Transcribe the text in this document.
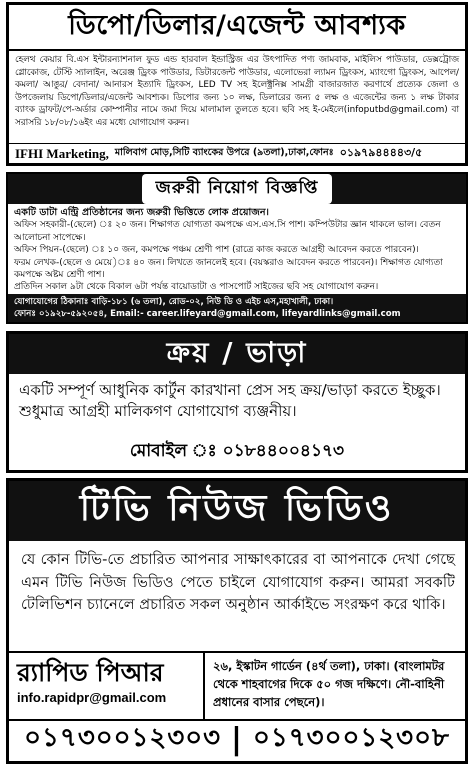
ডিপো/ডিলার/এজেন্ট আবশ্যক
হেলথ কেয়ার বি.এস ইন্টারন্যাশনাল ফুড এন্ড হারবাল ইন্ডাস্ট্রিজ এর উৎপাদিত পণ্য জামবাক, মাইলিস পাউডার, ডেক্সট্রোজ গ্লোকোজ, টেস্টি স্যালাইন, অরেঞ্জ ড্রিংক পাউডার, ডিটারজেন্ট পাউডার, এলোভেরা ল্যামন ড্রিংকস, ম্যাংগো ড্রিংকস, আপেল/ কমলা/ আঙুর/ বেদানা/ আনারস ইত্যাদি ড্রিংকস, LED TV সহ ইলেক্ট্রনিক্স সামগ্রী বাজারজাত করণার্থে প্রত্যেক জেলা ও উপজেলায় ডিপো/ডিলার/এজেন্ট আবশ্যক। ডিপোর জন্য ১০ লক্ষ, ডিলারের জন্য ৫ লক্ষ ও এজেন্টের জন্য ১ লক্ষ টাকার ব্যাংক ড্রাফট/পে-অর্ডার কোম্পানীর নামে জমা দিয়ে মালামাল তুলতে হবে। ছবি সহ ই-মেইলে(infoputbd@gmail.com) বা সরাসরি ১৮/০৮/১৬ইং এর মধ্যে যোগাযোগ করুন।
IFHI Marketing, মালিবাগ মোড়,সিটি ব্যাংকের উপরে (৯তলা),ঢাকা,ফোনঃ ০১৯৭৯৪৪৪৪৩/৫
জরুরী নিয়োগ বিজ্ঞপ্তি
একটি ডাটা এন্ট্রি প্রতিষ্ঠানের জন্য জরুরী ভিত্তিতে লোক প্রয়োজন।
অফিস সহকারী-(ছেলে) ঃ ২০ জন। শিক্ষাগত যোগ্যতা কমপক্ষে এস.এস.সি পাশ। কম্পিউটার জ্ঞান থাকলে ভাল। বেতন আলোচনা সাপেক্ষে।
অফিস পিয়ন-(ছেলে) ঃ ১০ জন, কমপক্ষে পঞ্চম শ্রেণী পাশ (রাত্রে কাজ করতে আগ্রহী আবেদন করতে পারবেন)।
ফরম লেখক-(ছেলে ও মেয়ে)ঃ ৪০ জন। লিখতে জানলেই হবে। (বয়স্করাও আবেদন করতে পারবেন)। শিক্ষাগত যোগ্যতা কমপক্ষে অষ্টম শ্রেণী পাশ।
প্রতিদিন সকাল ৯টা থেকে বিকাল ৬টা পর্যন্ত বায়োডাটা ও পাসপোর্ট সাইজের ছবি সহ যোগাযোগ করুন।
যোগাযোগের ঠিকানাঃ বাড়ি-১৮১ (৬ তলা), রোড-০২, নিউ ডি ও এইচ এস,মহাখালী, ঢাকা।
ফোনঃ ০১৯২৮-৫৯২০৫৪, Email:- career.lifeyard@gmail.com, lifeyardlinks@gmail.com
ক্রয় / ভাড়া
একটি সম্পূর্ণ আধুনিক কার্টুন কারখানা প্রেস সহ ক্রয়/ভাড়া করতে ইচ্ছুক।
শুধুমাত্র আগ্রহী মালিকগণ যোগাযোগ ব্যঞ্জনীয়।
মোবাইল ঃ ০১৮৪৪০০৪১৭৩
টিভি নিউজ ভিডিও
যে কোন টিভি-তে প্রচারিত আপনার সাক্ষাৎকারের বা আপনাকে দেখা গেছে এমন টিভি নিউজ ভিডিও পেতে চাইলে যোগাযোগ করুন। আমরা সবকটি টেলিভিশন চ্যানেলে প্রচারিত সকল অনুষ্ঠান আর্কাইভে সংরক্ষণ করে থাকি।
র‍্যাপিড পিআর
info.rapidpr@gmail.com
২৬, ইস্কাটন গার্ডেন (৪র্থ তলা), ঢাকা। (বাংলামটর থেকে শাহবাগের দিকে ৫০ গজ দক্ষিণে। নৌ-বাহিনী প্রধানের বাসার পেছনে)।
০১৭৩০০১২৩০৩ | ০১৭৩০০১২৩০৮
